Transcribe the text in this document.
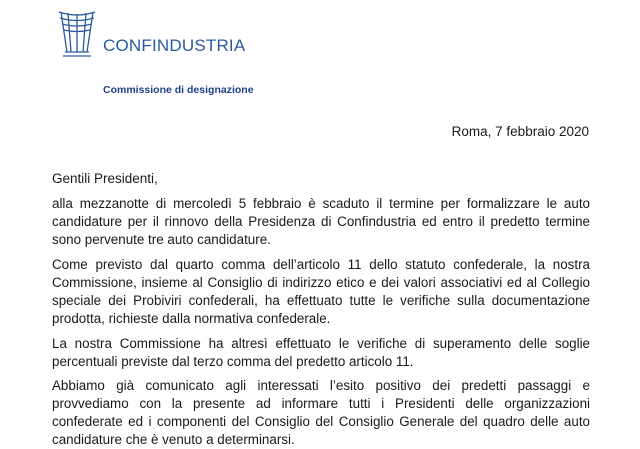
CONFINDUSTRIA
Commissione di designazione
Roma, 7 febbraio 2020
Gentili Presidenti,

alla mezzanotte di mercoledì 5 febbraio è scaduto il termine per formalizzare le auto candidature per il rinnovo della Presidenza di Confindustria ed entro il predetto termine sono pervenute tre auto candidature.

Come previsto dal quarto comma dell’articolo 11 dello statuto confederale, la nostra Commissione, insieme al Consiglio di indirizzo etico e dei valori associativi ed al Collegio speciale dei Probiviri confederali, ha effettuato tutte le verifiche sulla documentazione prodotta, richieste dalla normativa confederale.

La nostra Commissione ha altresì effettuato le verifiche di superamento delle soglie percentuali previste dal terzo comma del predetto articolo 11.

Abbiamo già comunicato agli interessati l’esito positivo dei predetti passaggi e provvediamo con la presente ad informare tutti i Presidenti delle organizzazioni confederate ed i componenti del Consiglio del Consiglio Generale del quadro delle auto candidature che è venuto a determinarsi.
